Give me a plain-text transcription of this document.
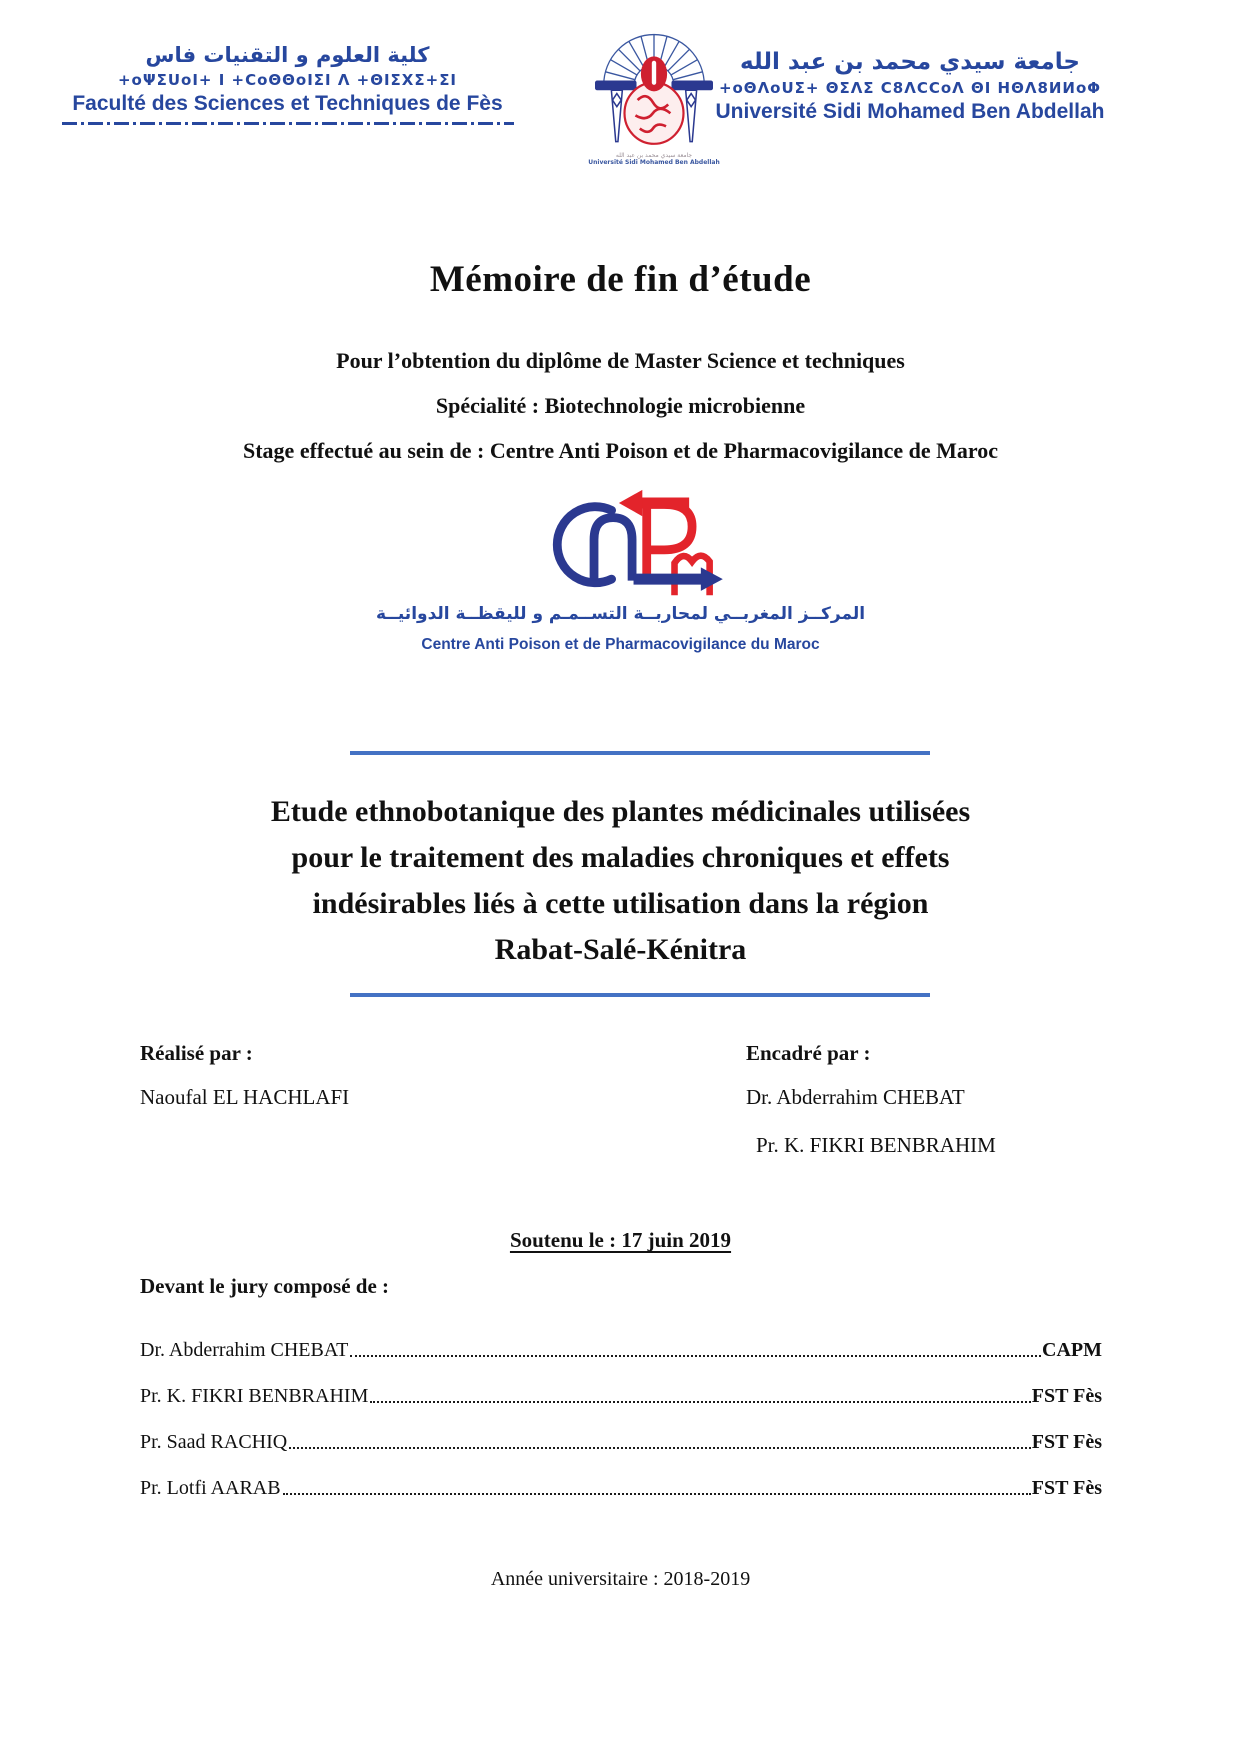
كلية العلوم و التقنيات فاس
+oΨΣUoI+ I +ϹoΘΘoIΣI Λ +ΘΙΣΧΣ+ΣΙ
Faculté des Sciences et Techniques de Fès
جامعة سيدي محمد بن عبد الله
Université Sidi Mohamed Ben Abdellah
جامعة سيدي محمد بن عبد الله
+oΘΛoUΣ+ ΘΣΛΣ Ϲ8ΛϹϹoΛ ΘΙ ΗΘΛ8ИИoΦ
Université Sidi Mohamed Ben Abdellah
Mémoire de fin d’étude
Pour l’obtention du diplôme de Master Science et techniques
Spécialité : Biotechnologie microbienne
Stage effectué au sein de : Centre Anti Poison et de Pharmacovigilance de Maroc
المركــز المغربــي لمحاربــة التســمـم و لليقظــة الدوائيــة
Centre Anti Poison et de Pharmacovigilance du Maroc
Etude ethnobotanique des plantes médicinales utilisées
pour le traitement des maladies chroniques et effets
indésirables liés à cette utilisation dans la région
Rabat-Salé-Kénitra
Réalisé par :
Naoufal EL HACHLAFI
Encadré par :
Dr. Abderrahim CHEBAT
Pr. K. FIKRI BENBRAHIM
Soutenu le : 17 juin 2019
Devant le jury composé de :
Dr. Abderrahim CHEBAT	CAPM
Pr. K. FIKRI BENBRAHIM	FST Fès
Pr. Saad RACHIQ	FST Fès
Pr. Lotfi AARAB	FST Fès
Année universitaire : 2018-2019
